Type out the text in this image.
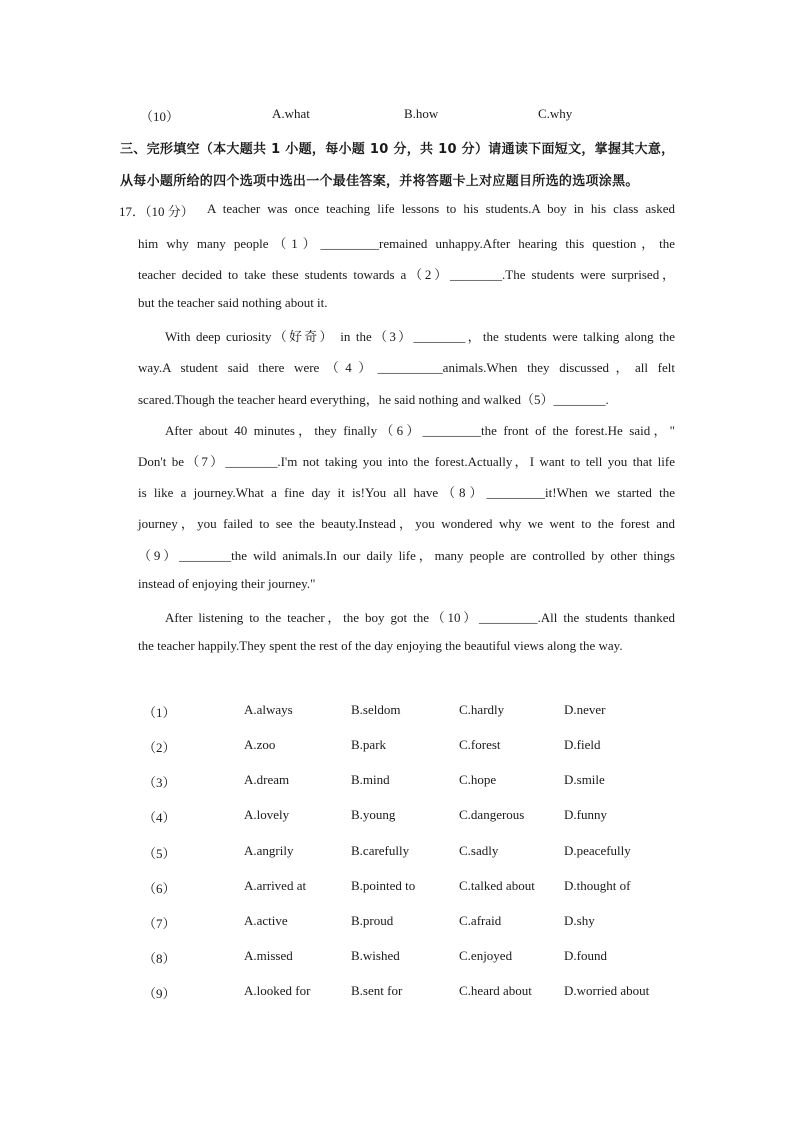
（10）	A.what	B.how	C.why
三、完形填空（本大题共 1 小题，每小题 10 分，共 10 分）请通读下面短文，掌握其大意，
从每小题所给的四个选项中选出一个最佳答案，并将答题卡上对应题目所选的选项涂黑。
17．（10 分） A teacher was once teaching life lessons to his students.A boy in his class asked
him why many people（1）_________remained unhappy.After hearing this question，the
teacher decided to take these students towards a（2）________.The students were surprised，
but the teacher said nothing about it.
With deep curiosity（好奇） in the（3）________，the students were talking along the
way.A student said there were（4）__________animals.When they discussed，all felt
scared.Though the teacher heard everything，he said nothing and walked（5）________.
After about 40 minutes，they finally（6）_________the front of the forest.He said，"
Don't be（7）________.I'm not taking you into the forest.Actually，I want to tell you that life
is like a journey.What a fine day it is!You all have（8）_________it!When we started the
journey，you failed to see the beauty.Instead，you wondered why we went to the forest and
（9）________the wild animals.In our daily life，many people are controlled by other things
instead of enjoying their journey."
After listening to the teacher，the boy got the（10）_________.All the students thanked
the teacher happily.They spent the rest of the day enjoying the beautiful views along the way.
（1）	A.always	B.seldom	C.hardly	D.never
（2）	A.zoo	B.park	C.forest	D.field
（3）	A.dream	B.mind	C.hope	D.smile
（4）	A.lovely	B.young	C.dangerous	D.funny
（5）	A.angrily	B.carefully	C.sadly	D.peacefully
（6）	A.arrived at	B.pointed to	C.talked about D.thought of
（7）	A.active	B.proud	C.afraid	D.shy
（8）	A.missed	B.wished	C.enjoyed	D.found
（9）	A.looked for	B.sent for	C.heard about D.worried about
